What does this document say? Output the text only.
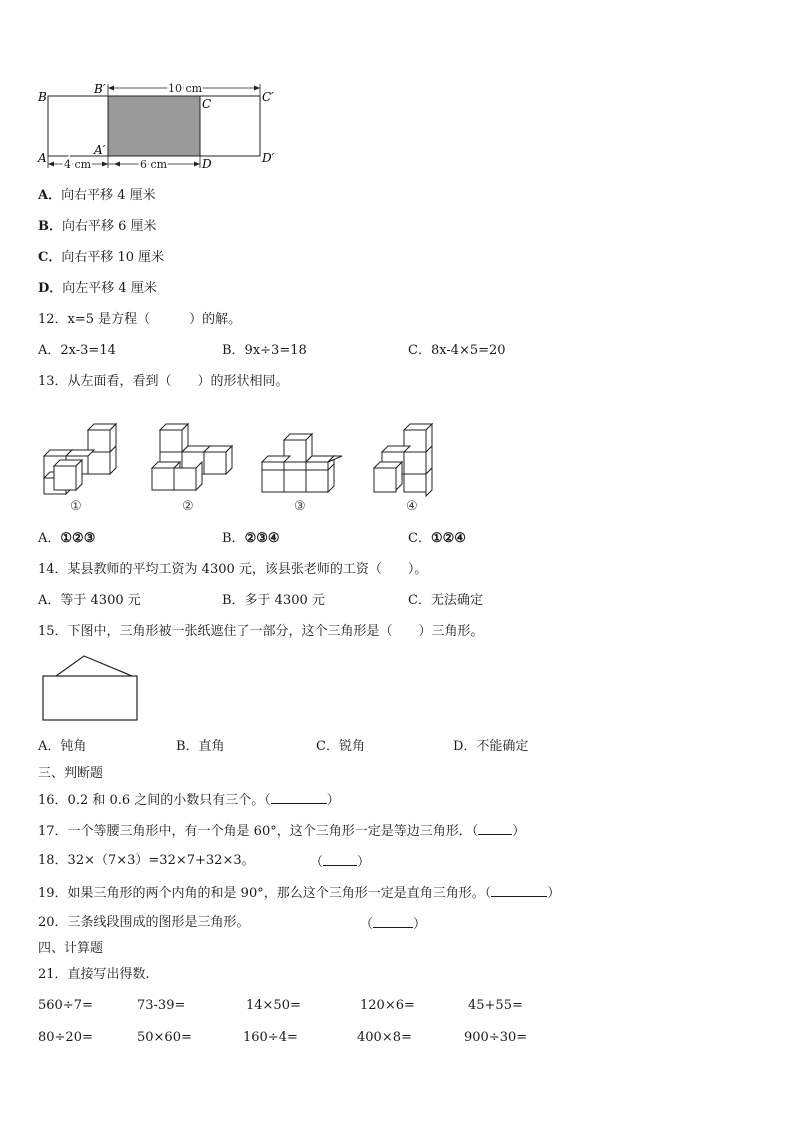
B
B′
C	C′
A
A′
D	D′
10 cm
4 cm	6 cm
A．向右平移 4 厘米
B．向右平移 6 厘米
C．向右平移 10 厘米
D．向左平移 4 厘米
12．x=5 是方程（　　　）的解。
A．2x-3=14	B．9x÷3=18	C．8x-4×5=20
13．从左面看，看到（　　）的形状相同。
①	②	③	④
A．①②③	B．②③④	C．①②④
14．某县教师的平均工资为 4300 元，该县张老师的工资（　　）。
A．等于 4300 元	B．多于 4300 元	C．无法确定
15．下图中，三角形被一张纸遮住了一部分，这个三角形是（　　）三角形。
A．钝角	B．直角	C．锐角	D．不能确定
三、判断题
16．0.2 和 0.6 之间的小数只有三个。（	）
17．一个等腰三角形中，有一个角是 60°，这个三角形一定是等边三角形．（	）
18．32×（7×3）=32×7+32×3。	（	）
19．如果三角形的两个内角的和是 90°，那么这个三角形一定是直角三角形。（	）
20．三条线段围成的图形是三角形。	（	）
四、计算题
21．直接写出得数.
560÷7=	73-39=	14×50=	120×6=	45+55=
80÷20=	50×60=	160÷4=	400×8=	900÷30=
